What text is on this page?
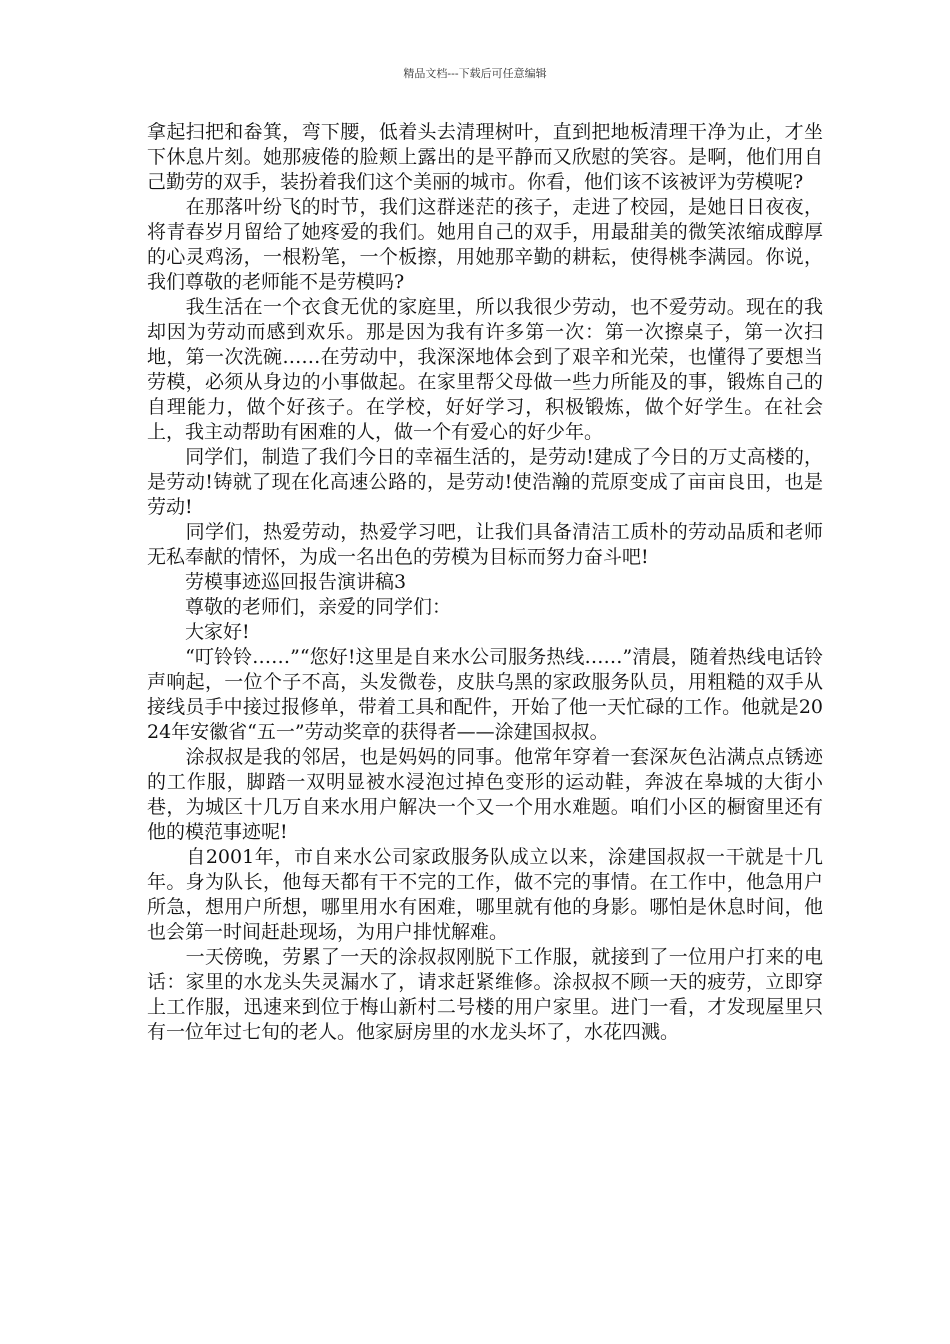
精品文档---下载后可任意编辑

拿起扫把和畚箕，弯下腰，低着头去清理树叶，直到把地板清理干净为止，才坐下休息片刻。她那疲倦的脸颊上露出的是平静而又欣慰的笑容。是啊，他们用自己勤劳的双手，装扮着我们这个美丽的城市。你看，他们该不该被评为劳模呢?

　　在那落叶纷飞的时节，我们这群迷茫的孩子，走进了校园，是她日日夜夜，将青春岁月留给了她疼爱的我们。她用自己的双手，用最甜美的微笑浓缩成醇厚的心灵鸡汤，一根粉笔，一个板擦，用她那辛勤的耕耘，使得桃李满园。你说，我们尊敬的老师能不是劳模吗?

　　我生活在一个衣食无优的家庭里，所以我很少劳动，也不爱劳动。现在的我却因为劳动而感到欢乐。那是因为我有许多第一次：第一次擦桌子，第一次扫地，第一次洗碗……在劳动中，我深深地体会到了艰辛和光荣，也懂得了要想当劳模，必须从身边的小事做起。在家里帮父母做一些力所能及的事，锻炼自己的自理能力，做个好孩子。在学校，好好学习，积极锻炼，做个好学生。在社会上，我主动帮助有困难的人，做一个有爱心的好少年。

　　同学们，制造了我们今日的幸福生活的，是劳动!建成了今日的万丈高楼的，是劳动!铸就了现在化高速公路的，是劳动!使浩瀚的荒原变成了亩亩良田，也是劳动!

　　同学们，热爱劳动，热爱学习吧，让我们具备清洁工质朴的劳动品质和老师无私奉献的情怀，为成一名出色的劳模为目标而努力奋斗吧!

　　劳模事迹巡回报告演讲稿3

　　尊敬的老师们，亲爱的同学们：

　　大家好!

　　“叮铃铃……”“您好!这里是自来水公司服务热线……”清晨，随着热线电话铃声响起，一位个子不高，头发微卷，皮肤乌黑的家政服务队员，用粗糙的双手从接线员手中接过报修单，带着工具和配件，开始了他一天忙碌的工作。他就是2024年安徽省“五一”劳动奖章的获得者——涂建国叔叔。

　　涂叔叔是我的邻居，也是妈妈的同事。他常年穿着一套深灰色沾满点点锈迹的工作服，脚踏一双明显被水浸泡过掉色变形的运动鞋，奔波在皋城的大街小巷，为城区十几万自来水用户解决一个又一个用水难题。咱们小区的橱窗里还有他的模范事迹呢!

　　自2001年，市自来水公司家政服务队成立以来，涂建国叔叔一干就是十几年。身为队长，他每天都有干不完的工作，做不完的事情。在工作中，他急用户所急，想用户所想，哪里用水有困难，哪里就有他的身影。哪怕是休息时间，他也会第一时间赶赴现场，为用户排忧解难。

　　一天傍晚，劳累了一天的涂叔叔刚脱下工作服，就接到了一位用户打来的电话：家里的水龙头失灵漏水了，请求赶紧维修。涂叔叔不顾一天的疲劳，立即穿上工作服，迅速来到位于梅山新村二号楼的用户家里。进门一看，才发现屋里只有一位年过七旬的老人。他家厨房里的水龙头坏了，水花四溅。
